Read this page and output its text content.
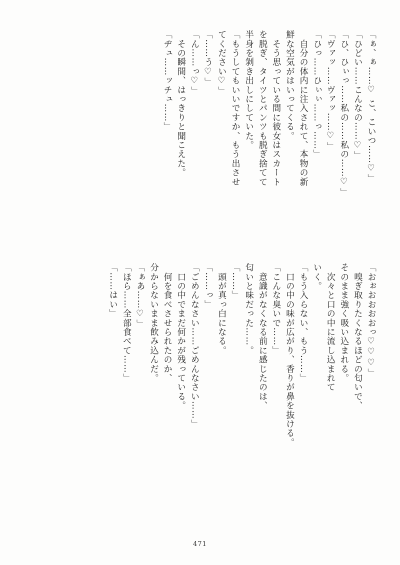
「ぁ、ぁ……♡ こ、こいつ……♡」
「ひどい……こんなの……♡」
「ひ、ひぃっ……私の……私の……♡」
「ヴァッ……ヴァッ……♡」
「ひっ……ひぃぃ……っ……」
　自分の体内に注入されて、本物の新
鮮な空気がはいってくる。
　そう思っている間に彼女はスカート
を脱ぎ、タイツとパンツも脱ぎ捨てて
半身を剝き出しにしていた。
「もうしてもいいですか、もう出させ
てください♡」
「……う♡」
「ん……っ♡」
　その瞬間、はっきりと聞こえた。
「ヂュ……ッチュ……」
「おぉおおおおっ♡♡♡」
　嗅ぎ取りたくなるほどの匂いで、
そのまま強く吸い込まれる。
　次々と口の中に流し込まれて
いく。
「もう入らない、もう……」
　口の中の味が広がり、香りが鼻を抜ける。
「こんな臭いで……」
　意識がなくなる前に感じたのは、
匂いと味だった……。
「……」
　頭が真っ白になる。
「……っ」
「ごめんなさい……ごめんなさい……」
　口の中でまだ何かが残っている。
　何を食べさせられたのか、
分からないまま飲み込んだ。
「ぁあ……♡」
「ほら……全部食べて……」
「……はい」
471
